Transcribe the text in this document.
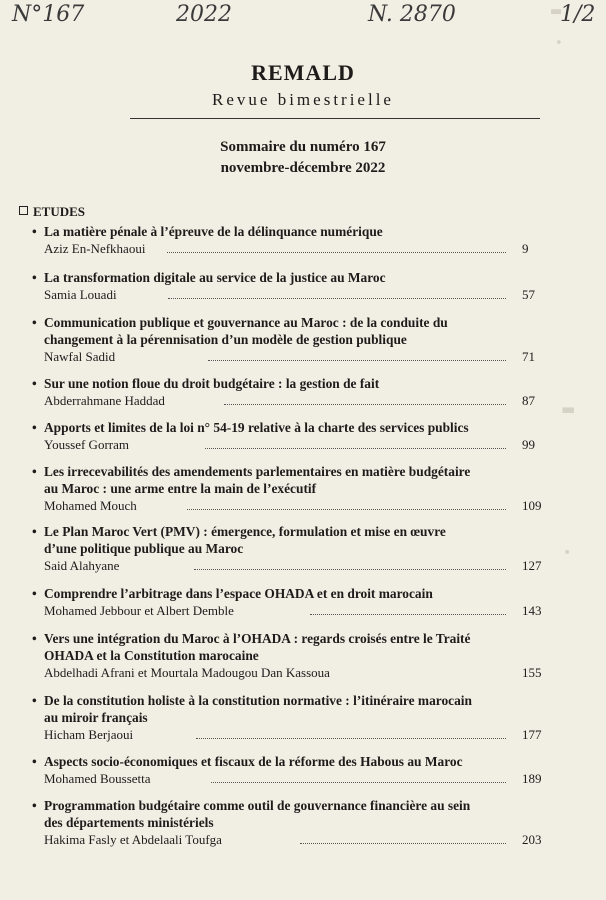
N°167	2022	N. 2870	1/2
▬
•
▬
•
REMALD
Revue bimestrielle
Sommaire du numéro 167
novembre-décembre 2022
ETUDES
• La matière pénale à l’épreuve de la délinquance numérique
Aziz En-Nefkhaoui	9
• La transformation digitale au service de la justice au Maroc
Samia Louadi	57
• Communication publique et gouvernance au Maroc : de la conduite du
changement à la pérennisation d’un modèle de gestion publique
Nawfal Sadid	71
• Sur une notion floue du droit budgétaire : la gestion de fait
Abderrahmane Haddad	87
• Apports et limites de la loi n° 54-19 relative à la charte des services publics
Youssef Gorram	99
• Les irrecevabilités des amendements parlementaires en matière budgétaire
au Maroc : une arme entre la main de l’exécutif
Mohamed Mouch	109
• Le Plan Maroc Vert (PMV) : émergence, formulation et mise en œuvre
d’une politique publique au Maroc
Said Alahyane	127
• Comprendre l’arbitrage dans l’espace OHADA et en droit marocain
Mohamed Jebbour et Albert Demble	143
• Vers une intégration du Maroc à l’OHADA : regards croisés entre le Traité
OHADA et la Constitution marocaine
Abdelhadi Afrani et Mourtala Madougou Dan Kassoua	155
• De la constitution holiste à la constitution normative : l’itinéraire marocain
au miroir français
Hicham Berjaoui	177
• Aspects socio-économiques et fiscaux de la réforme des Habous au Maroc
Mohamed Boussetta	189
• Programmation budgétaire comme outil de gouvernance financière au sein
des départements ministériels
Hakima Fasly et Abdelaali Toufga	203
